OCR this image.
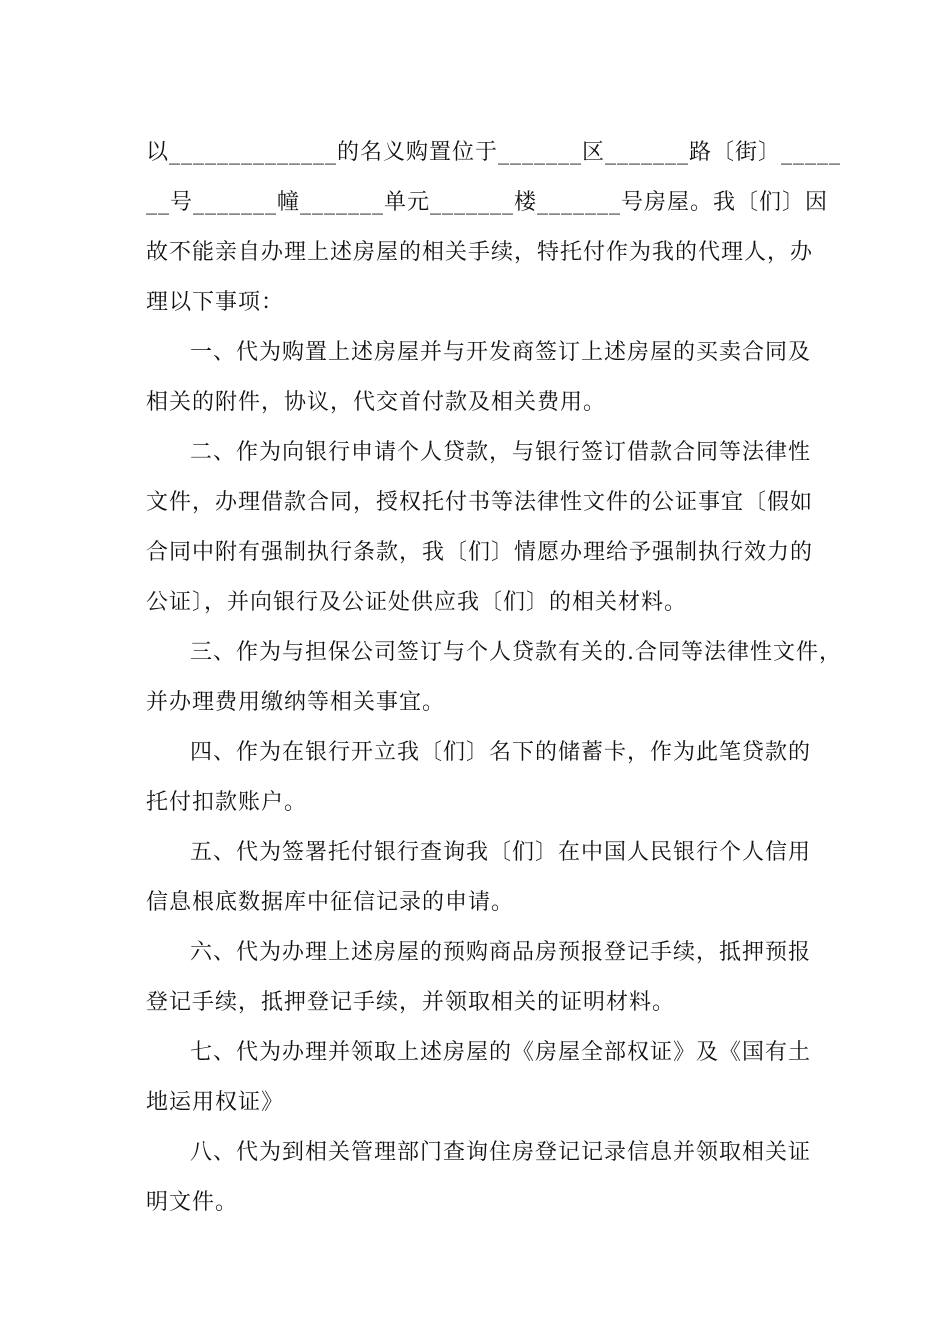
以______________的名义购置位于_______区_______路〔街〕_____
__号_______幢_______单元_______楼_______号房屋。我〔们〕因
故不能亲自办理上述房屋的相关手续，特托付作为我的代理人，办
理以下事项：
一、代为购置上述房屋并与开发商签订上述房屋的买卖合同及
相关的附件，协议，代交首付款及相关费用。
二、作为向银行申请个人贷款，与银行签订借款合同等法律性
文件，办理借款合同，授权托付书等法律性文件的公证事宜〔假如
合同中附有强制执行条款，我〔们〕情愿办理给予强制执行效力的
公证〕，并向银行及公证处供应我〔们〕的相关材料。
三、作为与担保公司签订与个人贷款有关的.合同等法律性文件，
并办理费用缴纳等相关事宜。
四、作为在银行开立我〔们〕名下的储蓄卡，作为此笔贷款的
托付扣款账户。
五、代为签署托付银行查询我〔们〕在中国人民银行个人信用
信息根底数据库中征信记录的申请。
六、代为办理上述房屋的预购商品房预报登记手续，抵押预报
登记手续，抵押登记手续，并领取相关的证明材料。
七、代为办理并领取上述房屋的《房屋全部权证》及《国有土
地运用权证》
八、代为到相关管理部门查询住房登记记录信息并领取相关证
明文件。
